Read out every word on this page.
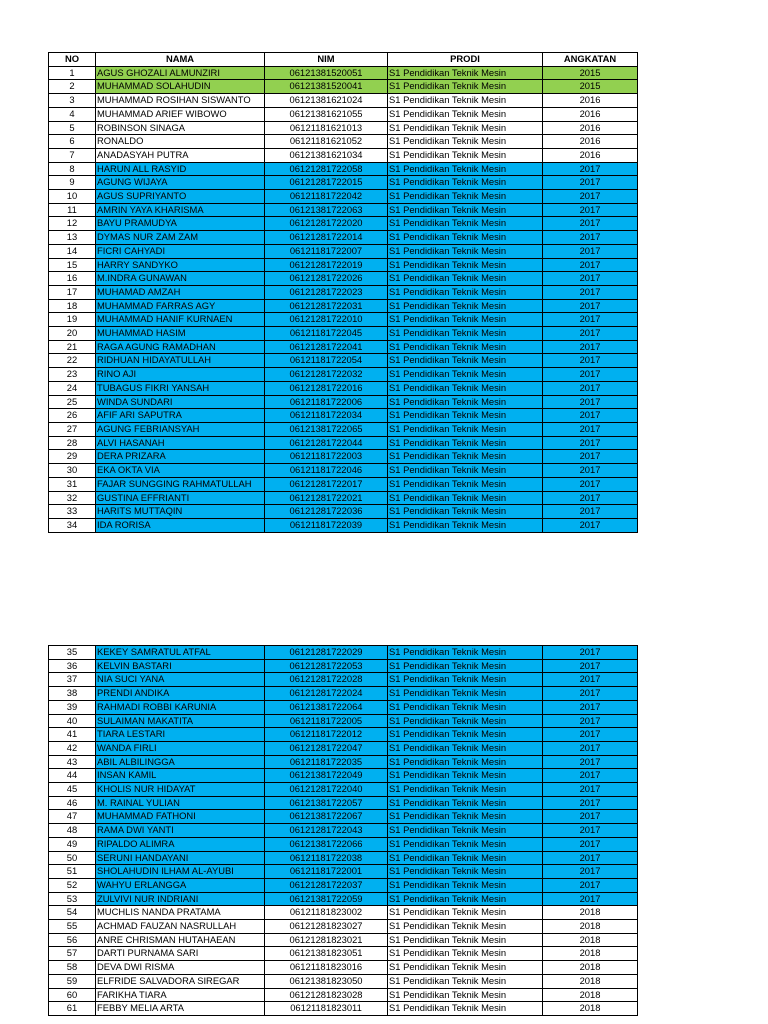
NO	NAMA	NIM	PRODI	ANGKATAN
1	AGUS GHOZALI ALMUNZIRI	06121381520051	S1 Pendidikan Teknik Mesin	2015
2	MUHAMMAD SOLAHUDIN	06121381520041	S1 Pendidikan Teknik Mesin	2015
3	MUHAMMAD ROSIHAN SISWANTO	06121381621024	S1 Pendidikan Teknik Mesin	2016
4	MUHAMMAD ARIEF WIBOWO	06121381621055	S1 Pendidikan Teknik Mesin	2016
5	ROBINSON SINAGA	06121181621013	S1 Pendidikan Teknik Mesin	2016
6	RONALDO	06121181621052	S1 Pendidikan Teknik Mesin	2016
7	ANADASYAH PUTRA	06121381621034	S1 Pendidikan Teknik Mesin	2016
8	HARUN ALL RASYID	06121281722058	S1 Pendidikan Teknik Mesin	2017
9	AGUNG WIJAYA	06121281722015	S1 Pendidikan Teknik Mesin	2017
10	AGUS SUPRIYANTO	06121181722042	S1 Pendidikan Teknik Mesin	2017
11	AMRIN YAYA KHARISMA	06121381722063	S1 Pendidikan Teknik Mesin	2017
12	BAYU PRAMUDYA	06121281722020	S1 Pendidikan Teknik Mesin	2017
13	DYMAS NUR ZAM ZAM	06121281722014	S1 Pendidikan Teknik Mesin	2017
14	FICRI CAHYADI	06121181722007	S1 Pendidikan Teknik Mesin	2017
15	HARRY SANDYKO	06121281722019	S1 Pendidikan Teknik Mesin	2017
16	M.INDRA GUNAWAN	06121281722026	S1 Pendidikan Teknik Mesin	2017
17	MUHAMAD AMZAH	06121281722023	S1 Pendidikan Teknik Mesin	2017
18	MUHAMMAD FARRAS AGY	06121281722031	S1 Pendidikan Teknik Mesin	2017
19	MUHAMMAD HANIF KURNAEN	06121281722010	S1 Pendidikan Teknik Mesin	2017
20	MUHAMMAD HASIM	06121181722045	S1 Pendidikan Teknik Mesin	2017
21	RAGA AGUNG RAMADHAN	06121281722041	S1 Pendidikan Teknik Mesin	2017
22	RIDHUAN HIDAYATULLAH	06121181722054	S1 Pendidikan Teknik Mesin	2017
23	RINO AJI	06121281722032	S1 Pendidikan Teknik Mesin	2017
24	TUBAGUS FIKRI YANSAH	06121281722016	S1 Pendidikan Teknik Mesin	2017
25	WINDA SUNDARI	06121181722006	S1 Pendidikan Teknik Mesin	2017
26	AFIF ARI SAPUTRA	06121181722034	S1 Pendidikan Teknik Mesin	2017
27	AGUNG FEBRIANSYAH	06121381722065	S1 Pendidikan Teknik Mesin	2017
28	ALVI HASANAH	06121281722044	S1 Pendidikan Teknik Mesin	2017
29	DERA PRIZARA	06121181722003	S1 Pendidikan Teknik Mesin	2017
30	EKA OKTA VIA	06121181722046	S1 Pendidikan Teknik Mesin	2017
31	FAJAR SUNGGING RAHMATULLAH	06121281722017	S1 Pendidikan Teknik Mesin	2017
32	GUSTINA EFFRIANTI	06121281722021	S1 Pendidikan Teknik Mesin	2017
33	HARITS MUTTAQIN	06121281722036	S1 Pendidikan Teknik Mesin	2017
34	IDA RORISA	06121181722039	S1 Pendidikan Teknik Mesin	2017
35	KEKEY SAMRATUL ATFAL	06121281722029	S1 Pendidikan Teknik Mesin	2017
36	KELVIN BASTARI	06121281722053	S1 Pendidikan Teknik Mesin	2017
37	NIA SUCI YANA	06121281722028	S1 Pendidikan Teknik Mesin	2017
38	PRENDI ANDIKA	06121281722024	S1 Pendidikan Teknik Mesin	2017
39	RAHMADI ROBBI KARUNIA	06121381722064	S1 Pendidikan Teknik Mesin	2017
40	SULAIMAN MAKATITA	06121181722005	S1 Pendidikan Teknik Mesin	2017
41	TIARA LESTARI	06121181722012	S1 Pendidikan Teknik Mesin	2017
42	WANDA FIRLI	06121281722047	S1 Pendidikan Teknik Mesin	2017
43	ABIL ALBILINGGA	06121181722035	S1 Pendidikan Teknik Mesin	2017
44	INSAN KAMIL	06121381722049	S1 Pendidikan Teknik Mesin	2017
45	KHOLIS NUR HIDAYAT	06121281722040	S1 Pendidikan Teknik Mesin	2017
46	M. RAINAL YULIAN	06121381722057	S1 Pendidikan Teknik Mesin	2017
47	MUHAMMAD FATHONI	06121381722067	S1 Pendidikan Teknik Mesin	2017
48	RAMA DWI YANTI	06121281722043	S1 Pendidikan Teknik Mesin	2017
49	RIPALDO ALIMRA	06121381722066	S1 Pendidikan Teknik Mesin	2017
50	SERUNI HANDAYANI	06121181722038	S1 Pendidikan Teknik Mesin	2017
51	SHOLAHUDIN ILHAM AL-AYUBI	06121181722001	S1 Pendidikan Teknik Mesin	2017
52	WAHYU ERLANGGA	06121281722037	S1 Pendidikan Teknik Mesin	2017
53	ZULVIVI NUR INDRIANI	06121381722059	S1 Pendidikan Teknik Mesin	2017
54	MUCHLIS NANDA PRATAMA	06121181823002	S1 Pendidikan Teknik Mesin	2018
55	ACHMAD FAUZAN NASRULLAH	06121281823027	S1 Pendidikan Teknik Mesin	2018
56	ANRE CHRISMAN HUTAHAEAN	06121281823021	S1 Pendidikan Teknik Mesin	2018
57	DARTI PURNAMA SARI	06121381823051	S1 Pendidikan Teknik Mesin	2018
58	DEVA DWI RISMA	06121181823016	S1 Pendidikan Teknik Mesin	2018
59	ELFRIDE SALVADORA SIREGAR	06121381823050	S1 Pendidikan Teknik Mesin	2018
60	FARIKHA TIARA	06121281823028	S1 Pendidikan Teknik Mesin	2018
61	FEBBY MELIA ARTA	06121181823011	S1 Pendidikan Teknik Mesin	2018
